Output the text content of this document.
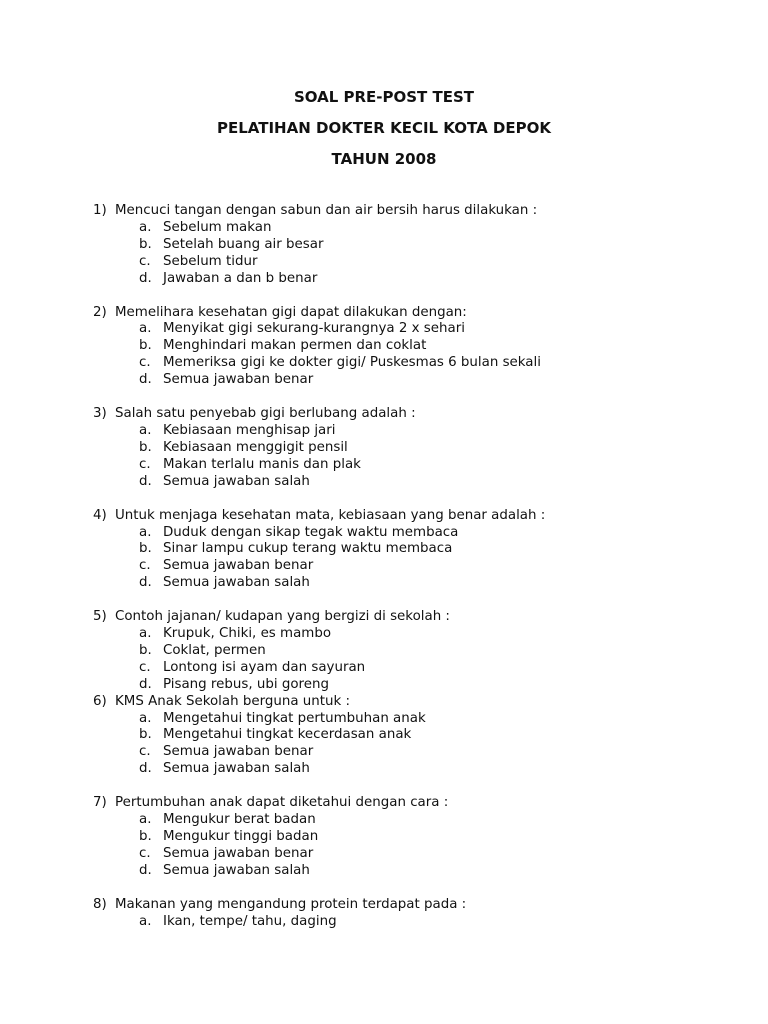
SOAL PRE-POST TEST
PELATIHAN DOKTER KECIL KOTA DEPOK
TAHUN 2008
1) Mencuci tangan dengan sabun dan air bersih harus dilakukan :
a. Sebelum makan
b. Setelah buang air besar
c. Sebelum tidur
d. Jawaban a dan b benar
2) Memelihara kesehatan gigi dapat dilakukan dengan:
a. Menyikat gigi sekurang-kurangnya 2 x sehari
b. Menghindari makan permen dan coklat
c. Memeriksa gigi ke dokter gigi/ Puskesmas 6 bulan sekali
d. Semua jawaban benar
3) Salah satu penyebab gigi berlubang adalah :
a. Kebiasaan menghisap jari
b. Kebiasaan menggigit pensil
c. Makan terlalu manis dan plak
d. Semua jawaban salah
4) Untuk menjaga kesehatan mata, kebiasaan yang benar adalah :
a. Duduk dengan sikap tegak waktu membaca
b. Sinar lampu cukup terang waktu membaca
c. Semua jawaban benar
d. Semua jawaban salah
5) Contoh jajanan/ kudapan yang bergizi di sekolah :
a. Krupuk, Chiki, es mambo
b. Coklat, permen
c. Lontong isi ayam dan sayuran
d. Pisang rebus, ubi goreng
6) KMS Anak Sekolah berguna untuk :
a. Mengetahui tingkat pertumbuhan anak
b. Mengetahui tingkat kecerdasan anak
c. Semua jawaban benar
d. Semua jawaban salah
7) Pertumbuhan anak dapat diketahui dengan cara :
a. Mengukur berat badan
b. Mengukur tinggi badan
c. Semua jawaban benar
d. Semua jawaban salah
8) Makanan yang mengandung protein terdapat pada :
a. Ikan, tempe/ tahu, daging
